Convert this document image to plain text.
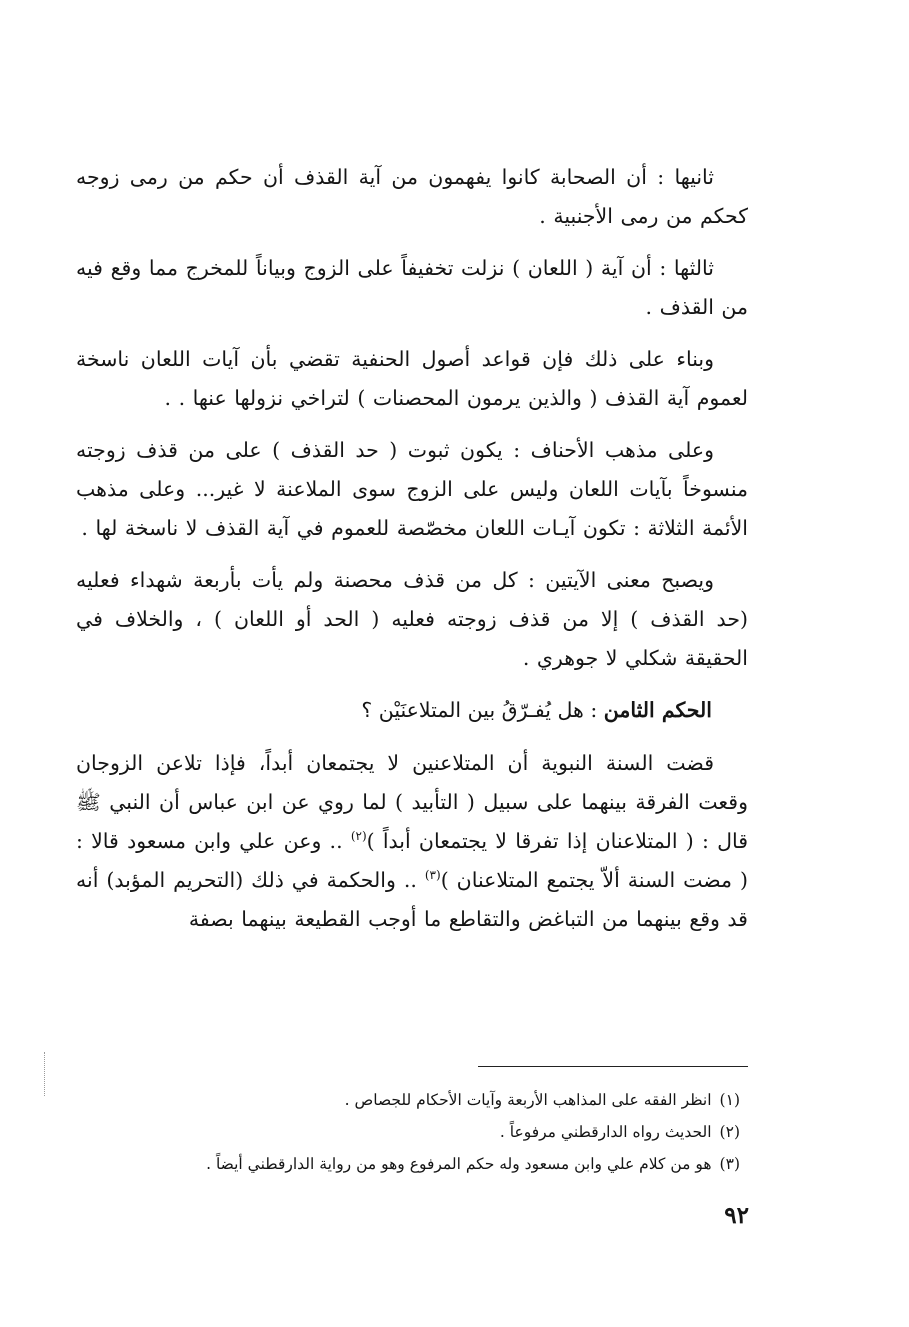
ثانيها : أن الصحابة كانوا يفهمون من آية القذف أن حكم من رمى زوجه كحكم من رمى الأجنبية .

ثالثها : أن آية ( اللعان ) نزلت تخفيفاً على الزوج وبياناً للمخرج مما وقع فيه من القذف .

وبناء على ذلك فإن قواعد أصول الحنفية تقضي بأن آيات اللعان ناسخة لعموم آية القذف ( والذين يرمون المحصنات ) لتراخي نزولها عنها . .

وعلى مذهب الأحناف : يكون ثبوت ( حد القذف ) على من قذف زوجته منسوخاً بآيات اللعان وليس على الزوج سوى الملاعنة لا غير... وعلى مذهب الأئمة الثلاثة : تكون آيـات اللعان مخصّصة للعموم في آية القذف لا ناسخة لها .

ويصبح معنى الآيتين : كل من قذف محصنة ولم يأت بأربعة شهداء فعليه (حد القذف ) إلا من قذف زوجته فعليه ( الحد أو اللعان ) ، والخلاف في الحقيقة شكلي لا جوهري .

الحكم الثامن : هل يُفـرّقُ بين المتلاعنَيْن ؟

قضت السنة النبوية أن المتلاعنين لا يجتمعان أبداً، فإذا تلاعن الزوجان وقعت الفرقة بينهما على سبيل ( التأبيد ) لما روي عن ابن عباس أن النبي ﷺ قال : ( المتلاعنان إذا تفرقا لا يجتمعان أبداً )$^{(٢)}$ .. وعن علي وابن مسعود قالا : ( مضت السنة ألاّ يجتمع المتلاعنان )$^{(٣)}$ .. والحكمة في ذلك (التحريم المؤبد) أنه قد وقع بينهما من التباغض والتقاطع ما أوجب القطيعة بينهما بصفة

(١)انظر الفقه على المذاهب الأربعة وآيات الأحكام للجصاص .
(٢)الحديث رواه الدارقطني مرفوعاً .
(٣)هو من كلام علي وابن مسعود وله حكم المرفوع وهو من رواية الدارقطني أيضاً .
٩٢
